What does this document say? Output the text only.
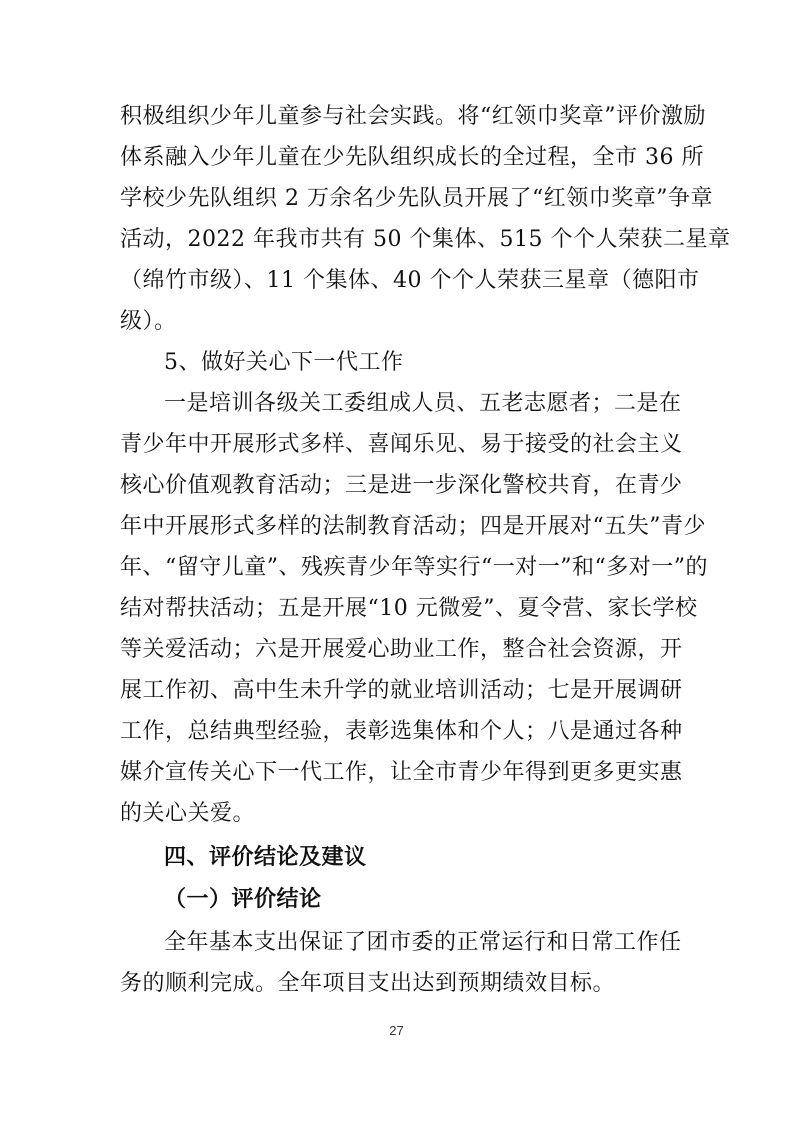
积极组织少年儿童参与社会实践。将“红领巾奖章”评价激励
体系融入少年儿童在少先队组织成长的全过程，全市 36 所
学校少先队组织 2 万余名少先队员开展了“红领巾奖章”争章
活动，2022 年我市共有 50 个集体、515 个个人荣获二星章
（绵竹市级）、11 个集体、40 个个人荣获三星章（德阳市
级）。
5、做好关心下一代工作
一是培训各级关工委组成人员、五老志愿者；二是在
青少年中开展形式多样、喜闻乐见、易于接受的社会主义
核心价值观教育活动；三是进一步深化警校共育，在青少
年中开展形式多样的法制教育活动；四是开展对“五失”青少
年、“留守儿童”、残疾青少年等实行“一对一”和“多对一”的
结对帮扶活动；五是开展“10 元微爱”、夏令营、家长学校
等关爱活动；六是开展爱心助业工作，整合社会资源，开
展工作初、高中生未升学的就业培训活动；七是开展调研
工作，总结典型经验，表彰选集体和个人；八是通过各种
媒介宣传关心下一代工作，让全市青少年得到更多更实惠
的关心关爱。
四、评价结论及建议
（一）评价结论
全年基本支出保证了团市委的正常运行和日常工作任
务的顺利完成。全年项目支出达到预期绩效目标。
27
